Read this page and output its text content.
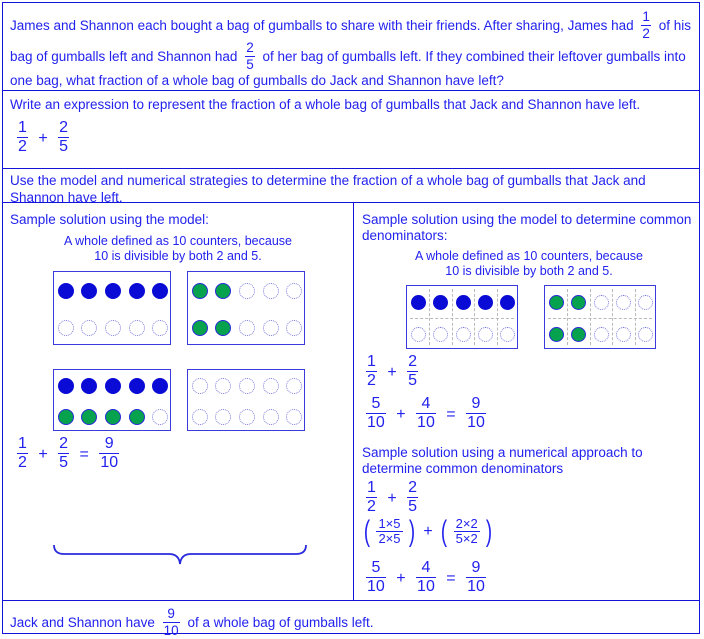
James and Shannon each bought a bag of gumballs to share with their friends. After sharing, James had $\frac{1}{2}$ of his
bag of gumballs left and Shannon had $\frac{2}{5}$ of her bag of gumballs left. If they combined their leftover gumballs into
one bag, what fraction of a whole bag of gumballs do Jack and Shannon have left?
Write an expression to represent the fraction of a whole bag of gumballs that Jack and Shannon have left.
$\frac{1}{2} + \frac{2}{5}$
Use the model and numerical strategies to determine the fraction of a whole bag of gumballs that Jack and
Shannon have left.
Sample solution using the model:
A whole defined as 10 counters, because
10 is divisible by both 2 and 5.
$\frac{1}{2} + \frac{2}{5} = \frac{9}{10}$
Sample solution using the model to determine common
denominators:
A whole defined as 10 counters, because
10 is divisible by both 2 and 5.
$\frac{1}{2} + \frac{2}{5}$
$\frac{5}{10} + \frac{4}{10} = \frac{9}{10}$
Sample solution using a numerical approach to
determine common denominators
$\frac{1}{2} + \frac{2}{5}$
( $\frac{1\times 5}{2\times 5}$ ) + ( $\frac{2\times 2}{5\times 2}$ )
$\frac{5}{10} + \frac{4}{10} = \frac{9}{10}$
Jack and Shannon have $\frac{9}{10}$ of a whole bag of gumballs left.
